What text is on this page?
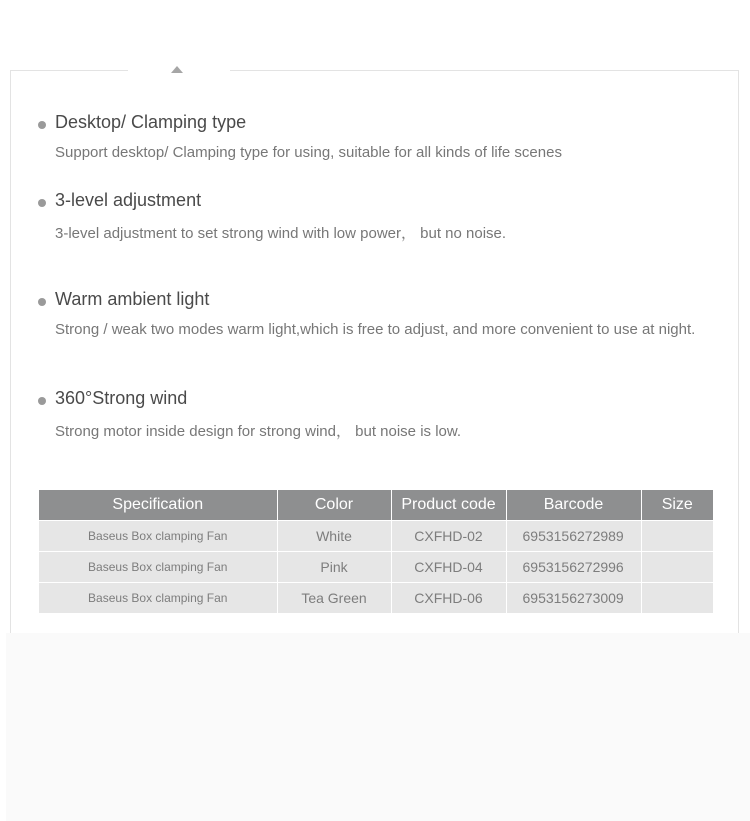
Desktop/ Clamping type
Support desktop/ Clamping type for using, suitable for all kinds of life scenes
3-level adjustment
3-level adjustment to set strong wind with low power， but no noise.
Warm ambient light
Strong / weak two modes warm light,which is free to adjust, and more convenient to use at night.
360°Strong wind
Strong motor inside design for strong wind， but noise is low.
Specification	Color	Product code	Barcode	Size
Baseus Box clamping Fan	White	CXFHD-02	6953156272989	
Baseus Box clamping Fan	Pink	CXFHD-04	6953156272996	
Baseus Box clamping Fan	Tea Green	CXFHD-06	6953156273009	
